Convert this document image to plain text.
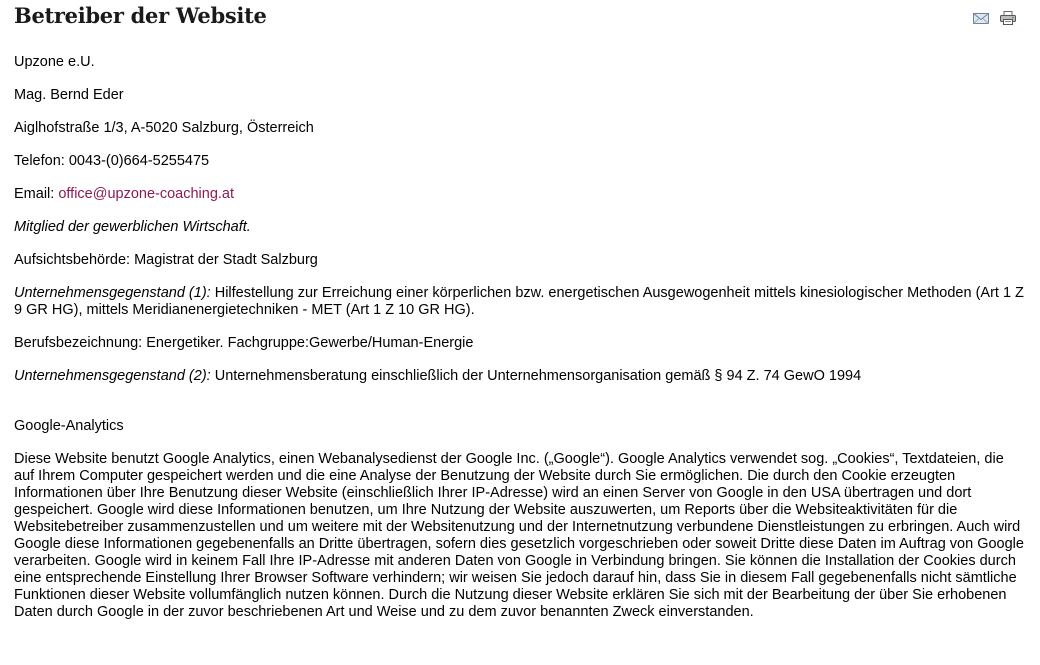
Betreiber der Website

Upzone e.U.

Mag. Bernd Eder

Aiglhofstraße 1/3, A-5020 Salzburg, Österreich

Telefon: 0043-(0)664-5255475

Email: office@upzone-coaching.at

Mitglied der gewerblichen Wirtschaft.

Aufsichtsbehörde: Magistrat der Stadt Salzburg

Unternehmensgegenstand (1): Hilfestellung zur Erreichung einer körperlichen bzw. energetischen Ausgewogenheit mittels kinesiologischer Methoden (Art 1 Z 9 GR HG), mittels Meridianenergietechniken - MET (Art 1 Z 10 GR HG).

Berufsbezeichnung: Energetiker. Fachgruppe:Gewerbe/Human-Energie

Unternehmensgegenstand (2): Unternehmensberatung einschließlich der Unternehmensorganisation gemäß § 94 Z. 74 GewO 1994

Google-Analytics

Diese Website benutzt Google Analytics, einen Webanalysedienst der Google Inc. („Google“). Google Analytics verwendet sog. „Cookies“, Textdateien, die auf Ihrem Computer gespeichert werden und die eine Analyse der Benutzung der Website durch Sie ermöglichen. Die durch den Cookie erzeugten Informationen über Ihre Benutzung dieser Website (einschließlich Ihrer IP-Adresse) wird an einen Server von Google in den USA übertragen und dort gespeichert. Google wird diese Informationen benutzen, um Ihre Nutzung der Website auszuwerten, um Reports über die Websiteaktivitäten für die Websitebetreiber zusammenzustellen und um weitere mit der Websitenutzung und der Internetnutzung verbundene Dienstleistungen zu erbringen. Auch wird Google diese Informationen gegebenenfalls an Dritte übertragen, sofern dies gesetzlich vorgeschrieben oder soweit Dritte diese Daten im Auftrag von Google verarbeiten. Google wird in keinem Fall Ihre IP-Adresse mit anderen Daten von Google in Verbindung bringen. Sie können die Installation der Cookies durch eine entsprechende Einstellung Ihrer Browser Software verhindern; wir weisen Sie jedoch darauf hin, dass Sie in diesem Fall gegebenenfalls nicht sämtliche Funktionen dieser Website vollumfänglich nutzen können. Durch die Nutzung dieser Website erklären Sie sich mit der Bearbeitung der über Sie erhobenen Daten durch Google in der zuvor beschriebenen Art und Weise und zu dem zuvor benannten Zweck einverstanden.
